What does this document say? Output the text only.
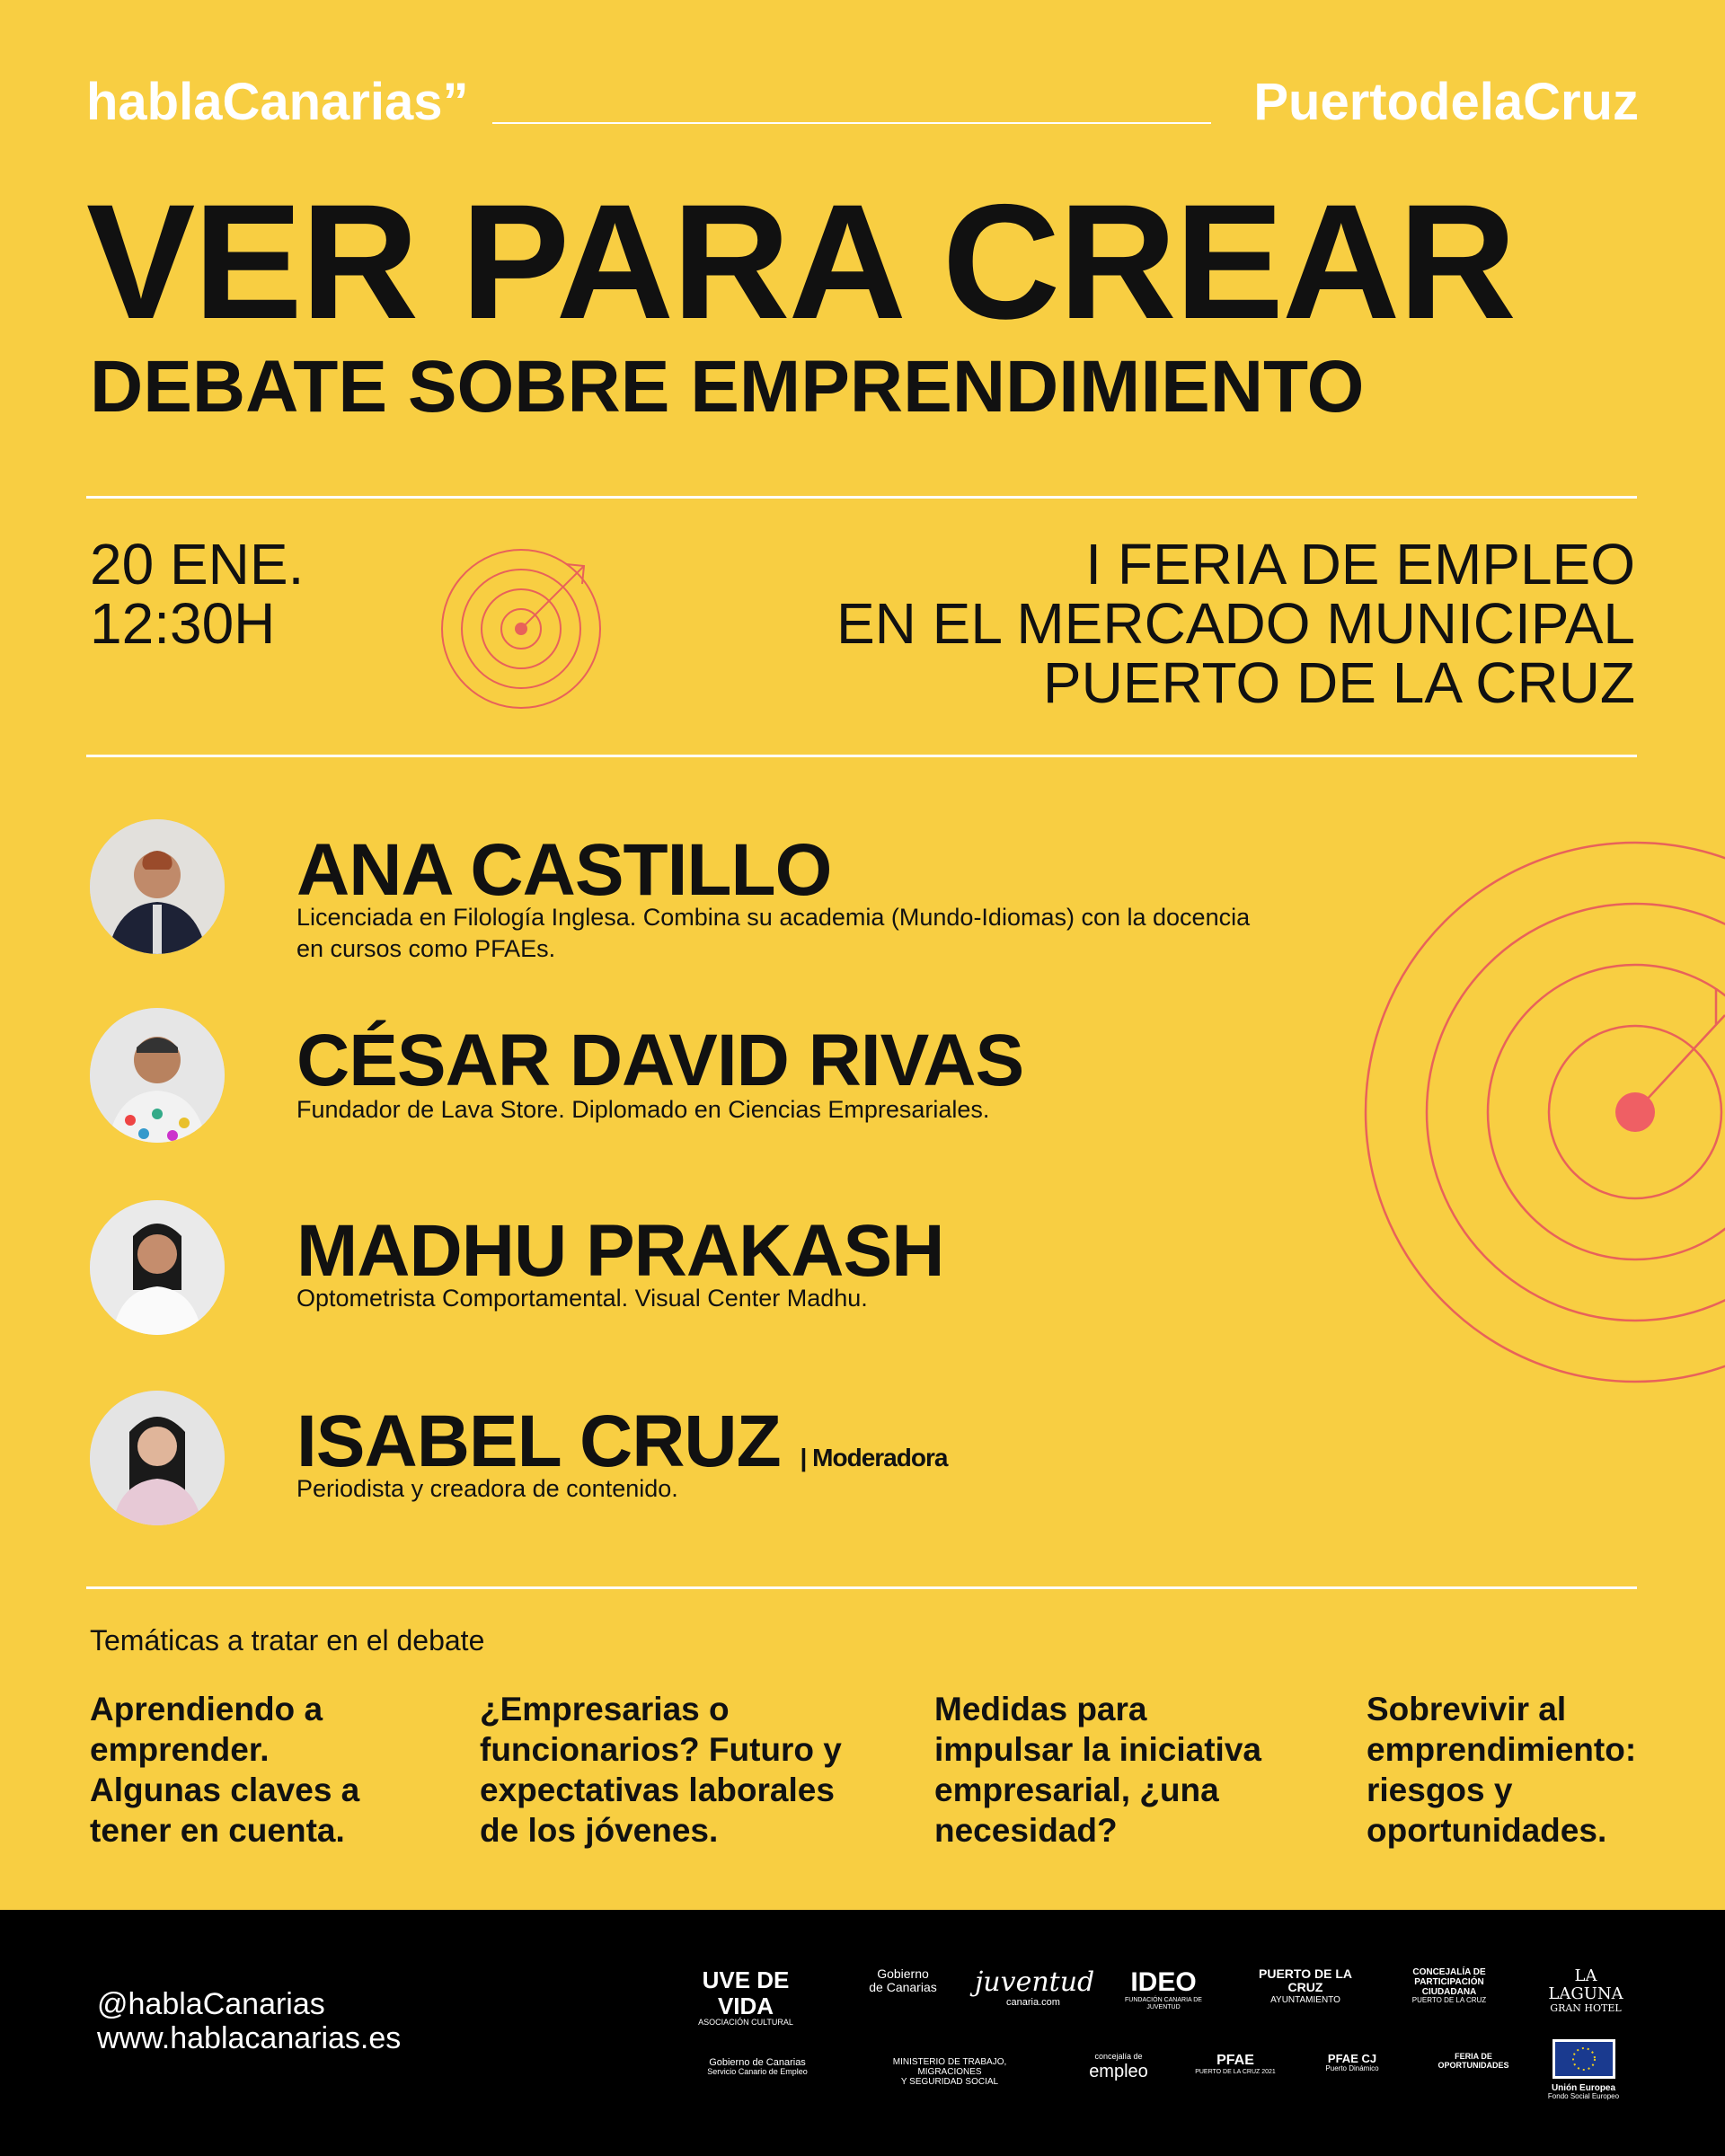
hablaCanarias”	PuertodelaCruz
VER PARA CREAR
DEBATE SOBRE EMPRENDIMIENTO
20 ENE.
12:30H
I FERIA DE EMPLEO
EN EL MERCADO MUNICIPAL
PUERTO DE LA CRUZ
ANA CASTILLO
Licenciada en Filología Inglesa. Combina su academia (Mundo-Idiomas) con la docencia
en cursos como PFAEs.
CÉSAR DAVID RIVAS
Fundador de Lava Store. Diplomado en Ciencias Empresariales.
MADHU PRAKASH
Optometrista Comportamental. Visual Center Madhu.
ISABEL CRUZ | Moderadora
Periodista y creadora de contenido.
Temáticas a tratar en el debate
Aprendiendo a
emprender.
Algunas claves a
tener en cuenta.
¿Empresarias o
funcionarios? Futuro y
expectativas laborales
de los jóvenes.
Medidas para
impulsar la iniciativa
empresarial, ¿una
necesidad?
Sobrevivir al
emprendimiento:
riesgos y
oportunidades.
@hablaCanarias
www.hablacanarias.es
UVE DE VIDA
ASOCIACIÓN CULTURAL
Gobierno
de Canarias	juventud
canaria.com
IDEO
FUNDACIÓN CANARIA DE JUVENTUD
PUERTO DE LA CRUZ
AYUNTAMIENTO
CONCEJALÍA DE PARTICIPACIÓN CIUDADANA
PUERTO DE LA CRUZ
LA LAGUNA
GRAN HOTEL
Gobierno de Canarias
Servicio Canario de Empleo
MINISTERIO DE TRABAJO, MIGRACIONES
Y SEGURIDAD SOCIAL
concejalía de
empleo
PFAE
PUERTO DE LA CRUZ 2021
PFAE CJ
Puerto Dinámico
FERIA DE
OPORTUNIDADES
Unión Europea
Fondo Social Europeo
